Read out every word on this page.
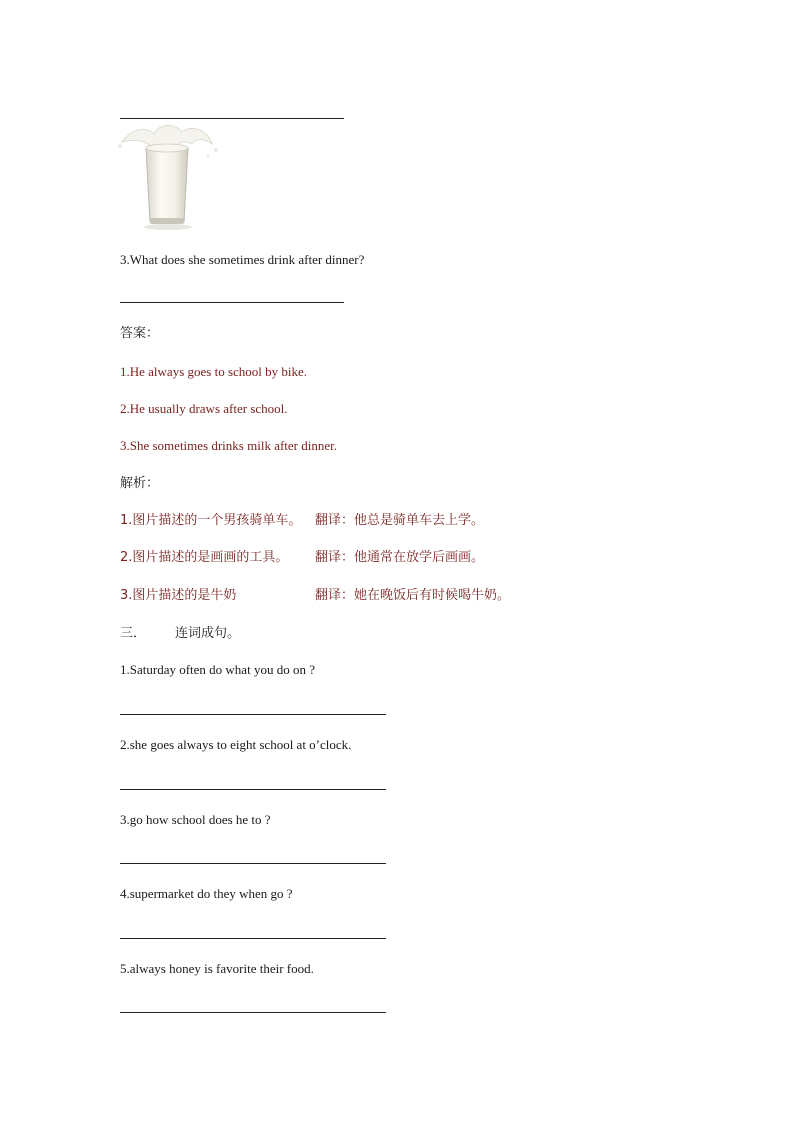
3.What does she sometimes drink after dinner?
答案：
1.He always goes to school by bike.
2.He usually draws after school.
3.She sometimes drinks milk after dinner.
解析：
1.图片描述的一个男孩骑单车。 翻译：他总是骑单车去上学。
2.图片描述的是画画的工具。 翻译：他通常在放学后画画。
3.图片描述的是牛奶	翻译：她在晚饭后有时候喝牛奶。
三． 连词成句。
1.Saturday often do what you do on ?
2.she goes always to eight school at o’clock.
3.go how school does he to ?
4.supermarket do they when go ?
5.always honey is favorite their food.
